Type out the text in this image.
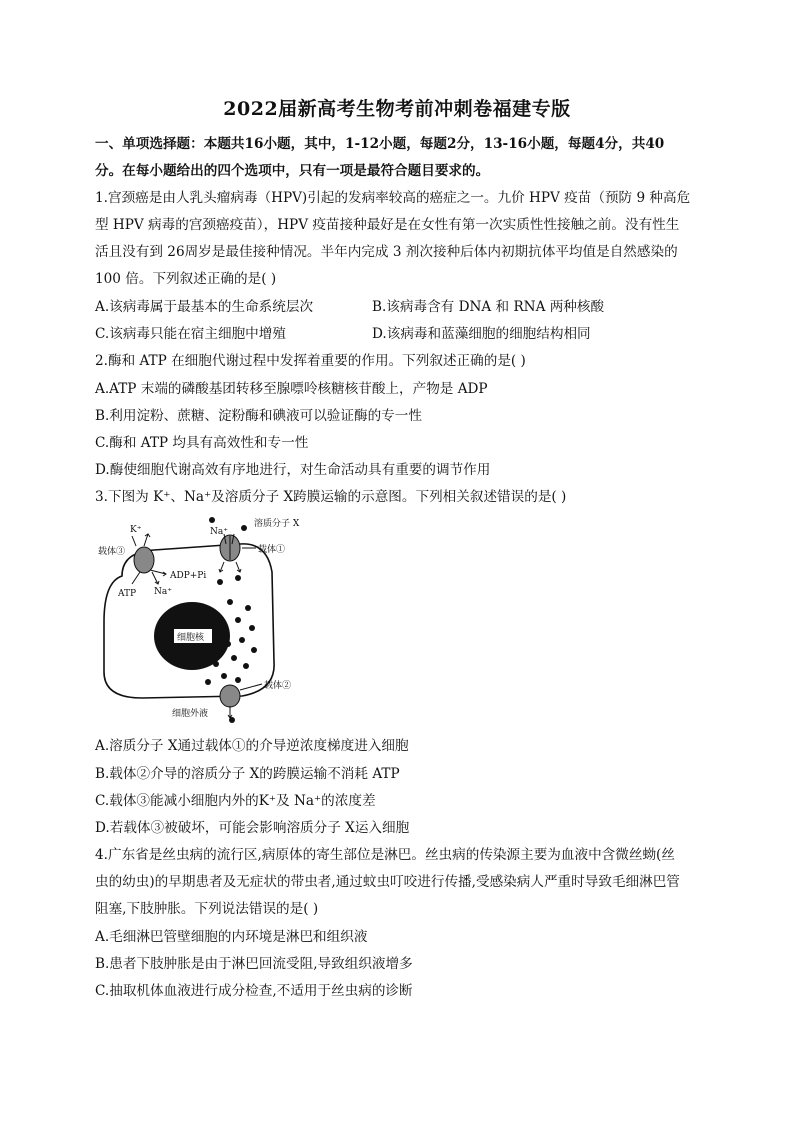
2022届新高考生物考前冲刺卷福建专版
一、单项选择题：本题共16小题，其中，1-12小题，每题2分，13-16小题，每题4分，共40
分。在每小题给出的四个选项中，只有一项是最符合题目要求的。
1.宫颈癌是由人乳头瘤病毒（HPV)引起的发病率较高的癌症之一。九价 HPV 疫苗（预防 9 种高危
型 HPV 病毒的宫颈癌疫苗），HPV 疫苗接种最好是在女性有第一次实质性性接触之前。没有性生
活且没有到 26周岁是最佳接种情况。半年内完成 3 剂次接种后体内初期抗体平均值是自然感染的
100 倍。下列叙述正确的是( )
A.该病毒属于最基本的生命系统层次	B.该病毒含有 DNA 和 RNA 两种核酸
C.该病毒只能在宿主细胞中增殖	D.该病毒和蓝藻细胞的细胞结构相同
2.酶和 ATP 在细胞代谢过程中发挥着重要的作用。下列叙述正确的是( )
A.ATP 末端的磷酸基团转移至腺嘌呤核糖核苷酸上，产物是 ADP
B.利用淀粉、蔗糖、淀粉酶和碘液可以验证酶的专一性
C.酶和 ATP 均具有高效性和专一性
D.酶使细胞代谢高效有序地进行，对生命活动具有重要的调节作用
3.下图为 K⁺、Na⁺及溶质分子 X跨膜运输的示意图。下列相关叙述错误的是( )
细胞核
K⁺	Na⁺
溶质分子 X
载体③	载体①
ADP+Pi
ATP Na⁺
载体②
细胞外液
A.溶质分子 X通过载体①的介导逆浓度梯度进入细胞
B.载体②介导的溶质分子 X的跨膜运输不消耗 ATP
C.载体③能减小细胞内外的K⁺及 Na⁺的浓度差
D.若载体③被破坏，可能会影响溶质分子 X运入细胞
4.广东省是丝虫病的流行区,病原体的寄生部位是淋巴。丝虫病的传染源主要为血液中含微丝蚴(丝
虫的幼虫)的早期患者及无症状的带虫者,通过蚊虫叮咬进行传播,受感染病人严重时导致毛细淋巴管
阻塞,下肢肿胀。下列说法错误的是( )
A.毛细淋巴管壁细胞的内环境是淋巴和组织液
B.患者下肢肿胀是由于淋巴回流受阻,导致组织液增多
C.抽取机体血液进行成分检查,不适用于丝虫病的诊断
